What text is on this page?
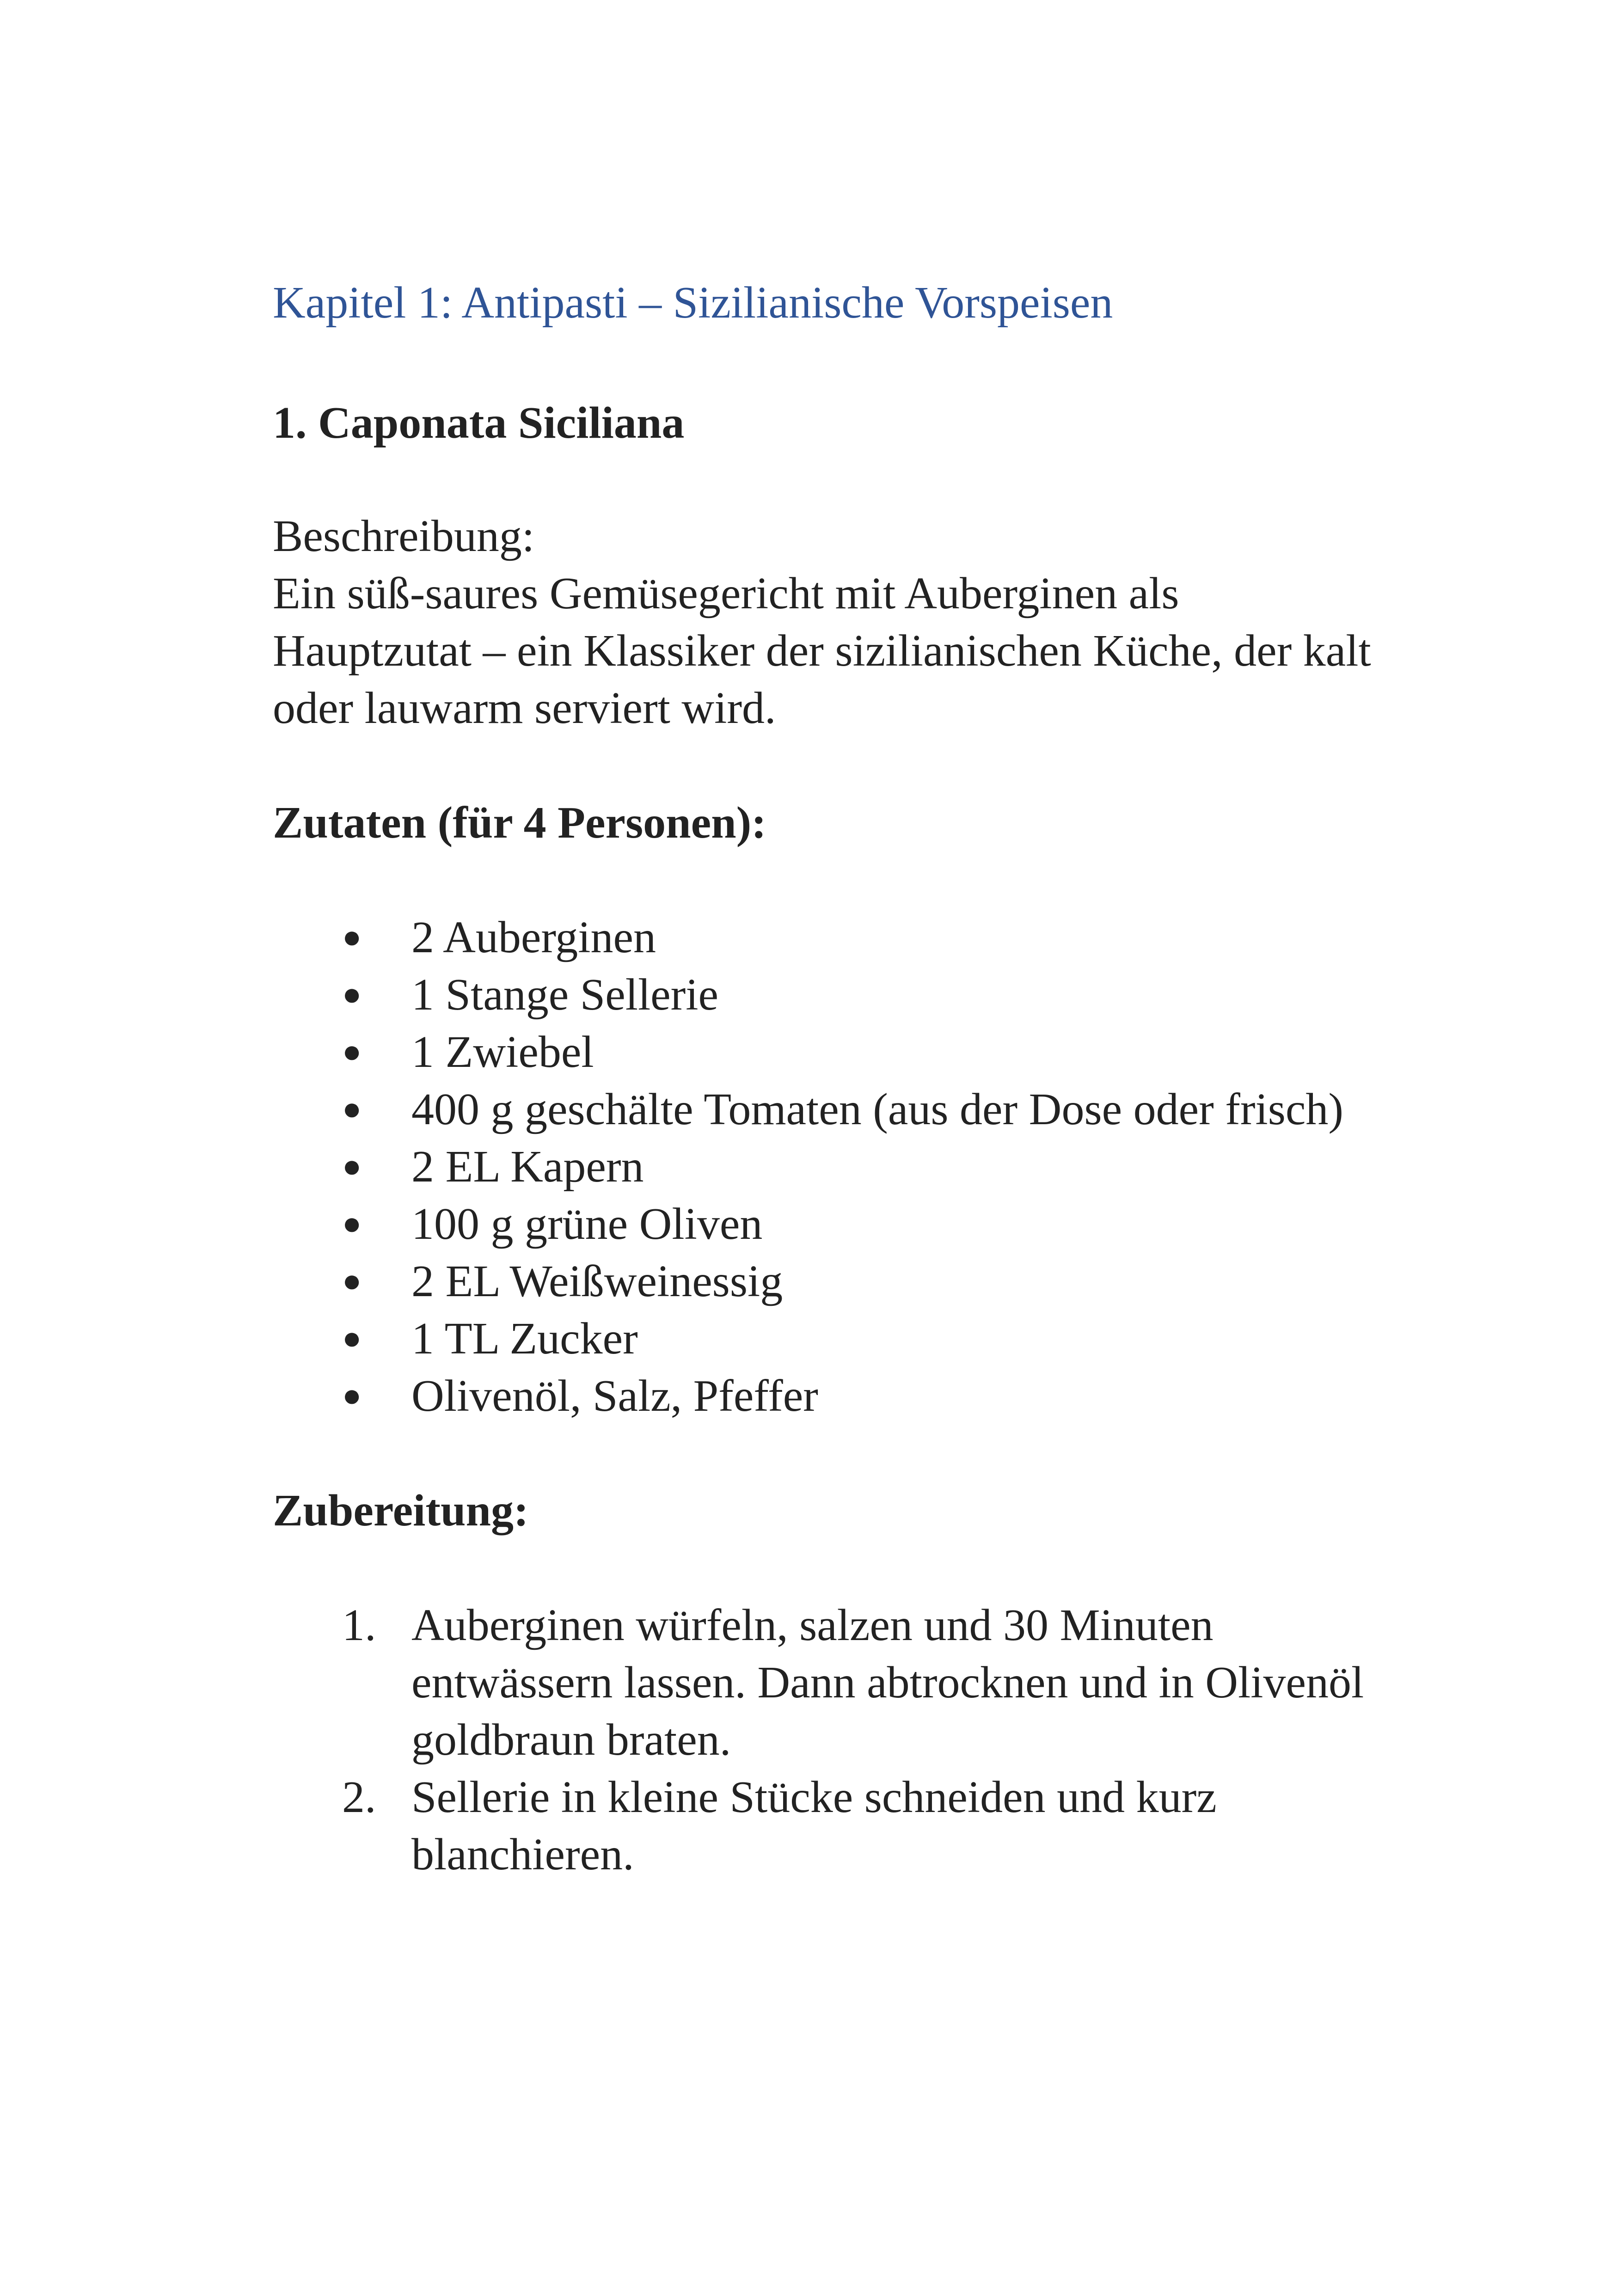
Kapitel 1: Antipasti – Sizilianische Vorspeisen
1. Caponata Siciliana

Beschreibung:

Ein süß-saures Gemüsegericht mit Auberginen als Hauptzutat – ein Klassiker der sizilianischen Küche, der kalt oder lauwarm serviert wird.

Zutaten (für 4 Personen):

● 2 Auberginen
● 1 Stange Sellerie
● 1 Zwiebel
● 400 g geschälte Tomaten (aus der Dose oder frisch)
● 2 EL Kapern
● 100 g grüne Oliven
● 2 EL Weißweinessig
● 1 TL Zucker
● Olivenöl, Salz, Pfeffer

Zubereitung:

1. Auberginen würfeln, salzen und 30 Minuten entwässern lassen. Dann abtrocknen und in Olivenöl goldbraun braten.
2. Sellerie in kleine Stücke schneiden und kurz blanchieren.
